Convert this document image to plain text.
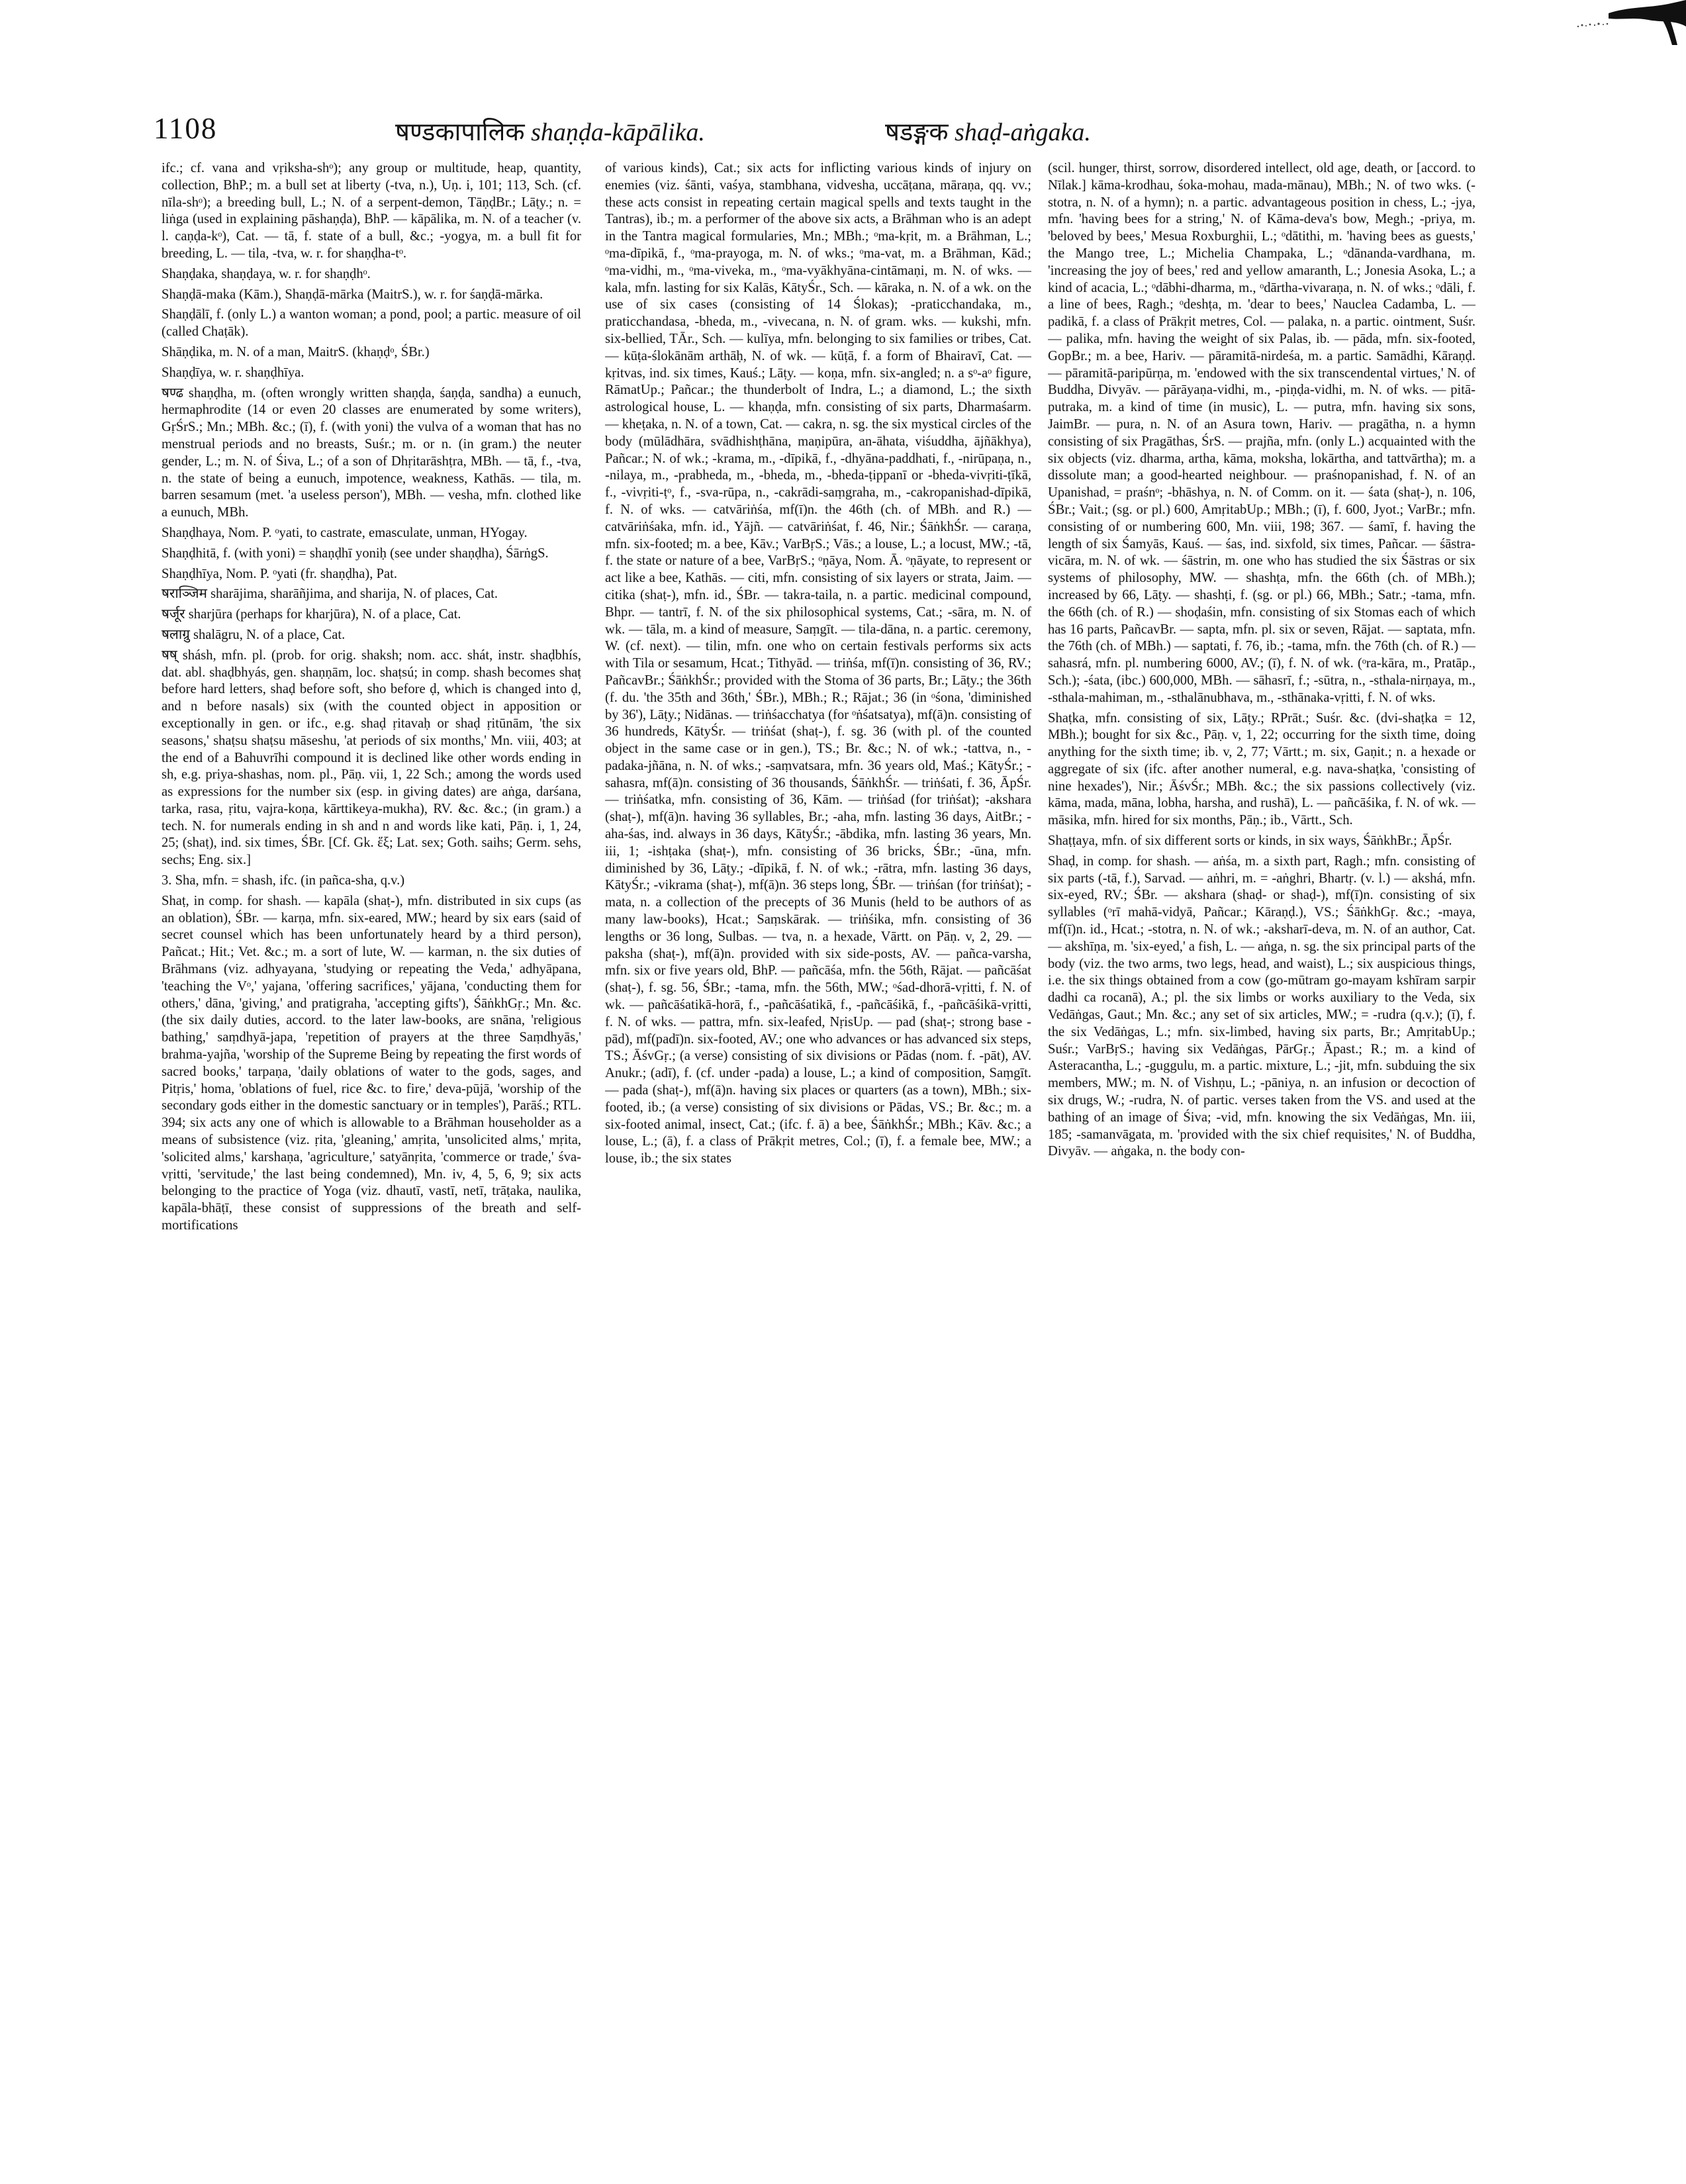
1108	षण्डकापालिक shaṇḍa-kāpālika.	षडङ्गक shaḍ-aṅgaka.
ifc.; cf. vana and vṛiksha-shᵒ); any group or multitude, heap, quantity, collection, BhP.; m. a bull set at liberty (-tva, n.), Uṇ. i, 101; 113, Sch. (cf. nīla-shᵒ); a breeding bull, L.; N. of a serpent-demon, TāṇḍBr.; Lāṭy.; n. = liṅga (used in explaining pāshaṇḍa), BhP. — kāpālika, m. N. of a teacher (v. l. caṇḍa-kᵒ), Cat. — tā, f. state of a bull, &c.; -yogya, m. a bull fit for breeding, L. — tila, -tva, w. r. for shaṇḍha-tᵒ.
Shaṇḍaka, shaṇḍaya, w. r. for shaṇḍhᵒ.
Shaṇḍā-maka (Kām.), Shaṇḍā-mārka (MaitrS.), w. r. for śaṇḍā-mārka.
Shaṇḍālī, f. (only L.) a wanton woman; a pond, pool; a partic. measure of oil (called Chaṭāk).
Shāṇḍika, m. N. of a man, MaitrS. (khaṇḍᵒ, ŚBr.)
Shaṇḍīya, w. r. shaṇḍhīya.
षण्ढ shaṇḍha, m. (often wrongly written shaṇḍa, śaṇḍa, sandha) a eunuch, hermaphrodite (14 or even 20 classes are enumerated by some writers), GṛŚrS.; Mn.; MBh. &c.; (ī), f. (with yoni) the vulva of a woman that has no menstrual periods and no breasts, Suśr.; m. or n. (in gram.) the neuter gender, L.; m. N. of Śiva, L.; of a son of Dhṛitarāshṭra, MBh. — tā, f., -tva, n. the state of being a eunuch, impotence, weakness, Kathās. — tila, m. barren sesamum (met. 'a useless person'), MBh. — vesha, mfn. clothed like a eunuch, MBh.
Shaṇḍhaya, Nom. P. ᵒyati, to castrate, emasculate, unman, HYogay.
Shaṇḍhitā, f. (with yoni) = shaṇḍhī yoniḥ (see under shaṇḍha), ŚārṅgS.
Shaṇḍhīya, Nom. P. ᵒyati (fr. shaṇḍha), Pat.
षराञ्जिम sharājima, sharāñjima, and sharija, N. of places, Cat.
षर्जूर sharjūra (perhaps for kharjūra), N. of a place, Cat.
षलाग्रु shalāgru, N. of a place, Cat.
षष् shásh, mfn. pl. (prob. for orig. shaksh; nom. acc. shát, instr. shaḍbhís, dat. abl. shaḍbhyás, gen. shaṇṇām, loc. shaṭsú; in comp. shash becomes shaṭ before hard letters, shaḍ before soft, sho before ḍ, which is changed into ḍ, and n before nasals) six (with the counted object in apposition or exceptionally in gen. or ifc., e.g. shaḍ ṛitavaḥ or shaḍ ṛitūnām, 'the six seasons,' shaṭsu shaṭsu māseshu, 'at periods of six months,' Mn. viii, 403; at the end of a Bahuvrīhi compound it is declined like other words ending in sh, e.g. priya-shashas, nom. pl., Pāṇ. vii, 1, 22 Sch.; among the words used as expressions for the number six (esp. in giving dates) are aṅga, darśana, tarka, rasa, ṛitu, vajra-koṇa, kārttikeya-mukha), RV. &c. &c.; (in gram.) a tech. N. for numerals ending in sh and n and words like kati, Pāṇ. i, 1, 24, 25; (shaṭ), ind. six times, ŚBr. [Cf. Gk. ἕξ; Lat. sex; Goth. saihs; Germ. sehs, sechs; Eng. six.]
3. Sha, mfn. = shash, ifc. (in pañca-sha, q.v.)
Shaṭ, in comp. for shash. — kapāla (shaṭ-), mfn. distributed in six cups (as an oblation), ŚBr. — karṇa, mfn. six-eared, MW.; heard by six ears (said of secret counsel which has been unfortunately heard by a third person), Pañcat.; Hit.; Vet. &c.; m. a sort of lute, W. — karman, n. the six duties of Brāhmans (viz. adhyayana, 'studying or repeating the Veda,' adhyāpana, 'teaching the Vᵒ,' yajana, 'offering sacrifices,' yājana, 'conducting them for others,' dāna, 'giving,' and pratigraha, 'accepting gifts'), ŚāṅkhGṛ.; Mn. &c. (the six daily duties, accord. to the later law-books, are snāna, 'religious bathing,' saṃdhyā-japa, 'repetition of prayers at the three Saṃdhyās,' brahma-yajña, 'worship of the Supreme Being by repeating the first words of sacred books,' tarpaṇa, 'daily oblations of water to the gods, sages, and Pitṛis,' homa, 'oblations of fuel, rice &c. to fire,' deva-pūjā, 'worship of the secondary gods either in the domestic sanctuary or in temples'), Parāś.; RTL. 394; six acts any one of which is allowable to a Brāhman householder as a means of subsistence (viz. ṛita, 'gleaning,' amṛita, 'unsolicited alms,' mṛita, 'solicited alms,' karshaṇa, 'agriculture,' satyānṛita, 'commerce or trade,' śva-vṛitti, 'servitude,' the last being condemned), Mn. iv, 4, 5, 6, 9; six acts belonging to the practice of Yoga (viz. dhautī, vastī, netī, trāṭaka, naulika, kapāla-bhāṭī, these consist of suppressions of the breath and self-mortifications
of various kinds), Cat.; six acts for inflicting various kinds of injury on enemies (viz. śānti, vaśya, stambhana, vidvesha, uccāṭana, māraṇa, qq. vv.; these acts consist in repeating certain magical spells and texts taught in the Tantras), ib.; m. a performer of the above six acts, a Brāhman who is an adept in the Tantra magical formularies, Mn.; MBh.; ᵒma-kṛit, m. a Brāhman, L.; ᵒma-dīpikā, f., ᵒma-prayoga, m. N. of wks.; ᵒma-vat, m. a Brāhman, Kād.; ᵒma-vidhi, m., ᵒma-viveka, m., ᵒma-vyākhyāna-cintāmaṇi, m. N. of wks. — kala, mfn. lasting for six Kalās, KātyŚr., Sch. — kāraka, n. N. of a wk. on the use of six cases (consisting of 14 Ślokas); -praticchandaka, m., praticchandasa, -bheda, m., -vivecana, n. N. of gram. wks. — kukshi, mfn. six-bellied, TĀr., Sch. — kulīya, mfn. belonging to six families or tribes, Cat. — kūṭa-ślokānām arthāḥ, N. of wk. — kūṭā, f. a form of Bhairavī, Cat. — kṛitvas, ind. six times, Kauś.; Lāṭy. — koṇa, mfn. six-angled; n. a sᵒ-aᵒ figure, RāmatUp.; Pañcar.; the thunderbolt of Indra, L.; a diamond, L.; the sixth astrological house, L. — khaṇḍa, mfn. consisting of six parts, Dharmaśarm. — kheṭaka, n. N. of a town, Cat. — cakra, n. sg. the six mystical circles of the body (mūlādhāra, svādhishṭhāna, maṇipūra, an-āhata, viśuddha, ājñākhya), Pañcar.; N. of wk.; -krama, m., -dīpikā, f., -dhyāna-paddhati, f., -nirūpaṇa, n., -nilaya, m., -prabheda, m., -bheda, m., -bheda-ṭippanī or -bheda-vivṛiti-ṭīkā, f., -vivṛiti-ṭᵒ, f., -sva-rūpa, n., -cakrādi-saṃgraha, m., -cakropanishad-dīpikā, f. N. of wks. — catvāriṅśa, mf(ī)n. the 46th (ch. of MBh. and R.) — catvāriṅśaka, mfn. id., Yājñ. — catvāriṅśat, f. 46, Nir.; ŚāṅkhŚr. — caraṇa, mfn. six-footed; m. a bee, Kāv.; VarBṛS.; Vās.; a louse, L.; a locust, MW.; -tā, f. the state or nature of a bee, VarBṛS.; ᵒṇāya, Nom. Ā. ᵒṇāyate, to represent or act like a bee, Kathās. — citi, mfn. consisting of six layers or strata, Jaim. — citika (shaṭ-), mfn. id., ŚBr. — takra-taila, n. a partic. medicinal compound, Bhpr. — tantrī, f. N. of the six philosophical systems, Cat.; -sāra, m. N. of wk. — tāla, m. a kind of measure, Saṃgīt. — tila-dāna, n. a partic. ceremony, W. (cf. next). — tilin, mfn. one who on certain festivals performs six acts with Tila or sesamum, Hcat.; Tithyād. — triṅśa, mf(ī)n. consisting of 36, RV.; PañcavBr.; ŚāṅkhŚr.; provided with the Stoma of 36 parts, Br.; Lāṭy.; the 36th (f. du. 'the 35th and 36th,' ŚBr.), MBh.; R.; Rājat.; 36 (in ᵒśona, 'diminished by 36'), Lāṭy.; Nidānas. — triṅśacchatya (for ᵒṅśatsatya), mf(ā)n. consisting of 36 hundreds, KātyŚr. — triṅśat (shaṭ-), f. sg. 36 (with pl. of the counted object in the same case or in gen.), TS.; Br. &c.; N. of wk.; -tattva, n., -padaka-jñāna, n. N. of wks.; -saṃvatsara, mfn. 36 years old, Maś.; KātyŚr.; -sahasra, mf(ā)n. consisting of 36 thousands, ŚāṅkhŚr. — triṅśati, f. 36, ĀpŚr. — triṅśatka, mfn. consisting of 36, Kām. — triṅśad (for triṅśat); -akshara (shaṭ-), mf(ā)n. having 36 syllables, Br.; -aha, mfn. lasting 36 days, AitBr.; -aha-śas, ind. always in 36 days, KātyŚr.; -ābdika, mfn. lasting 36 years, Mn. iii, 1; -ishṭaka (shaṭ-), mfn. consisting of 36 bricks, ŚBr.; -ūna, mfn. diminished by 36, Lāṭy.; -dīpikā, f. N. of wk.; -rātra, mfn. lasting 36 days, KātyŚr.; -vikrama (shaṭ-), mf(ā)n. 36 steps long, ŚBr. — triṅśan (for triṅśat); -mata, n. a collection of the precepts of 36 Munis (held to be authors of as many law-books), Hcat.; Saṃskārak. — triṅśika, mfn. consisting of 36 lengths or 36 long, Sulbas. — tva, n. a hexade, Vārtt. on Pāṇ. v, 2, 29. — paksha (shaṭ-), mf(ā)n. provided with six side-posts, AV. — pañca-varsha, mfn. six or five years old, BhP. — pañcāśa, mfn. the 56th, Rājat. — pañcāśat (shaṭ-), f. sg. 56, ŚBr.; -tama, mfn. the 56th, MW.; ᵒśad-dhorā-vṛitti, f. N. of wk. — pañcāśatikā-horā, f., -pañcāśatikā, f., -pañcāśikā, f., -pañcāśikā-vṛitti, f. N. of wks. — pattra, mfn. six-leafed, NṛisUp. — pad (shaṭ-; strong base -pād), mf(padī)n. six-footed, AV.; one who advances or has advanced six steps, TS.; ĀśvGṛ.; (a verse) consisting of six divisions or Pādas (nom. f. -pāt), AV. Anukr.; (adī), f. (cf. under -pada) a louse, L.; a kind of composition, Saṃgīt. — pada (shaṭ-), mf(ā)n. having six places or quarters (as a town), MBh.; six-footed, ib.; (a verse) consisting of six divisions or Pādas, VS.; Br. &c.; m. a six-footed animal, insect, Cat.; (ifc. f. ā) a bee, ŚāṅkhŚr.; MBh.; Kāv. &c.; a louse, L.; (ā), f. a class of Prākṛit metres, Col.; (ī), f. a female bee, MW.; a louse, ib.; the six states
(scil. hunger, thirst, sorrow, disordered intellect, old age, death, or [accord. to Nīlak.] kāma-krodhau, śoka-mohau, mada-mānau), MBh.; N. of two wks. (-stotra, n. N. of a hymn); n. a partic. advantageous position in chess, L.; -jya, mfn. 'having bees for a string,' N. of Kāma-deva's bow, Megh.; -priya, m. 'beloved by bees,' Mesua Roxburghii, L.; ᵒdātithi, m. 'having bees as guests,' the Mango tree, L.; Michelia Champaka, L.; ᵒdānanda-vardhana, m. 'increasing the joy of bees,' red and yellow amaranth, L.; Jonesia Asoka, L.; a kind of acacia, L.; ᵒdābhi-dharma, m., ᵒdārtha-vivaraṇa, n. N. of wks.; ᵒdāli, f. a line of bees, Ragh.; ᵒdeshṭa, m. 'dear to bees,' Nauclea Cadamba, L. — padikā, f. a class of Prākṛit metres, Col. — palaka, n. a partic. ointment, Suśr. — palika, mfn. having the weight of six Palas, ib. — pāda, mfn. six-footed, GopBr.; m. a bee, Hariv. — pāramitā-nirdeśa, m. a partic. Samādhi, Kāraṇḍ. — pāramitā-paripūrṇa, m. 'endowed with the six transcendental virtues,' N. of Buddha, Divyāv. — pārāyaṇa-vidhi, m., -piṇḍa-vidhi, m. N. of wks. — pitā-putraka, m. a kind of time (in music), L. — putra, mfn. having six sons, JaimBr. — pura, n. N. of an Asura town, Hariv. — pragātha, n. a hymn consisting of six Pragāthas, ŚrS. — prajña, mfn. (only L.) acquainted with the six objects (viz. dharma, artha, kāma, moksha, lokārtha, and tattvārtha); m. a dissolute man; a good-hearted neighbour. — praśnopanishad, f. N. of an Upanishad, = praśnᵒ; -bhāshya, n. N. of Comm. on it. — śata (shaṭ-), n. 106, ŚBr.; Vait.; (sg. or pl.) 600, AmṛitabUp.; MBh.; (ī), f. 600, Jyot.; VarBr.; mfn. consisting of or numbering 600, Mn. viii, 198; 367. — śamī, f. having the length of six Śamyās, Kauś. — śas, ind. sixfold, six times, Pañcar. — śāstra-vicāra, m. N. of wk. — śāstrin, m. one who has studied the six Śāstras or six systems of philosophy, MW. — shashṭa, mfn. the 66th (ch. of MBh.); increased by 66, Lāṭy. — shashṭi, f. (sg. or pl.) 66, MBh.; Satr.; -tama, mfn. the 66th (ch. of R.) — shoḍaśin, mfn. consisting of six Stomas each of which has 16 parts, PañcavBr. — sapta, mfn. pl. six or seven, Rājat. — saptata, mfn. the 76th (ch. of MBh.) — saptati, f. 76, ib.; -tama, mfn. the 76th (ch. of R.) — sahasrá, mfn. pl. numbering 6000, AV.; (ī), f. N. of wk. (ᵒra-kāra, m., Pratāp., Sch.); -śata, (ibc.) 600,000, MBh. — sāhasrī, f.; -sūtra, n., -sthala-nirṇaya, m., -sthala-mahiman, m., -sthalānubhava, m., -sthānaka-vṛitti, f. N. of wks.
Shaṭka, mfn. consisting of six, Lāṭy.; RPrāt.; Suśr. &c. (dvi-shaṭka = 12, MBh.); bought for six &c., Pāṇ. v, 1, 22; occurring for the sixth time, doing anything for the sixth time; ib. v, 2, 77; Vārtt.; m. six, Gaṇit.; n. a hexade or aggregate of six (ifc. after another numeral, e.g. nava-shaṭka, 'consisting of nine hexades'), Nir.; ĀśvŚr.; MBh. &c.; the six passions collectively (viz. kāma, mada, māna, lobha, harsha, and rushā), L. — pañcāśika, f. N. of wk. — māsika, mfn. hired for six months, Pāṇ.; ib., Vārtt., Sch.
Shaṭṭaya, mfn. of six different sorts or kinds, in six ways, ŚāṅkhBr.; ĀpŚr.
Shaḍ, in comp. for shash. — aṅśa, m. a sixth part, Ragh.; mfn. consisting of six parts (-tā, f.), Sarvad. — aṅhri, m. = -aṅghri, Bhartṛ. (v. l.) — akshá, mfn. six-eyed, RV.; ŚBr. — akshara (shaḍ- or shaḍ-), mf(ī)n. consisting of six syllables (ᵒrī mahā-vidyā, Pañcar.; Kāraṇḍ.), VS.; ŚāṅkhGṛ. &c.; -maya, mf(ī)n. id., Hcat.; -stotra, n. N. of wk.; -aksharī-deva, m. N. of an author, Cat. — akshīṇa, m. 'six-eyed,' a fish, L. — aṅga, n. sg. the six principal parts of the body (viz. the two arms, two legs, head, and waist), L.; six auspicious things, i.e. the six things obtained from a cow (go-mūtram go-mayam kshīram sarpir dadhi ca rocanā), A.; pl. the six limbs or works auxiliary to the Veda, six Vedāṅgas, Gaut.; Mn. &c.; any set of six articles, MW.; = -rudra (q.v.); (ī), f. the six Vedāṅgas, L.; mfn. six-limbed, having six parts, Br.; AmṛitabUp.; Suśr.; VarBṛS.; having six Vedāṅgas, PārGṛ.; Āpast.; R.; m. a kind of Asteracantha, L.; -guggulu, m. a partic. mixture, L.; -jit, mfn. subduing the six members, MW.; m. N. of Vishṇu, L.; -pāniya, n. an infusion or decoction of six drugs, W.; -rudra, N. of partic. verses taken from the VS. and used at the bathing of an image of Śiva; -vid, mfn. knowing the six Vedāṅgas, Mn. iii, 185; -samanvāgata, m. 'provided with the six chief requisites,' N. of Buddha, Divyāv. — aṅgaka, n. the body con-
